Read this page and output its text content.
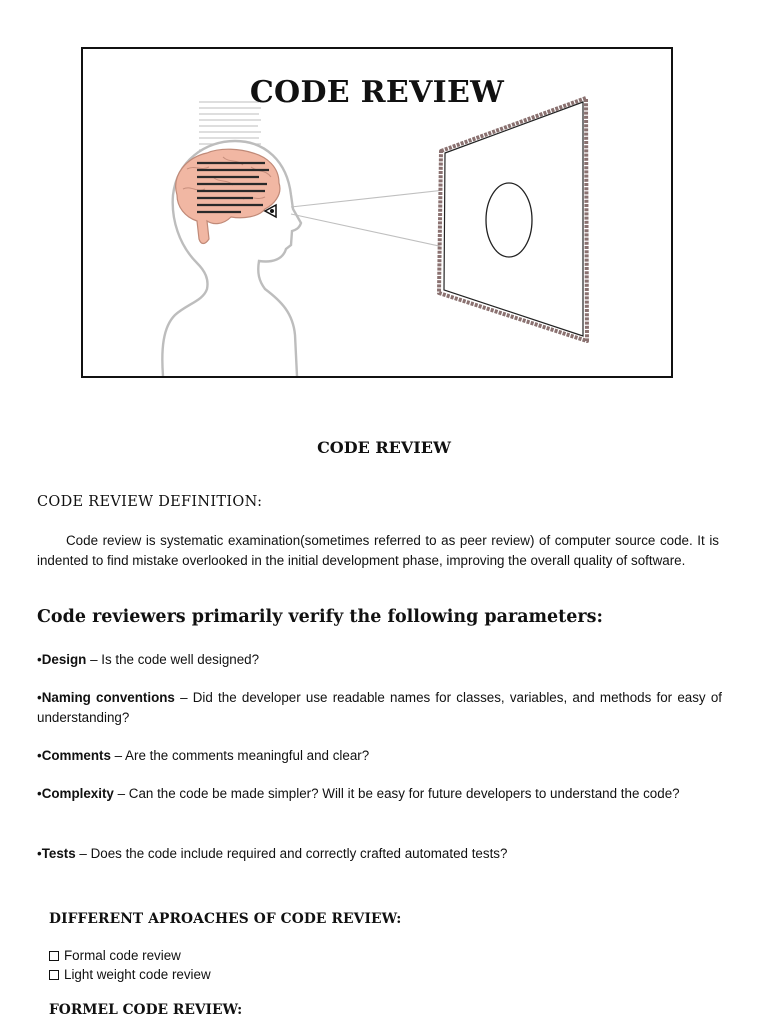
CODE REVIEW
CODE REVIEW
CODE REVIEW DEFINITION:
Code review is systematic examination(sometimes referred to as peer review) of computer source code. It is indented to find mistake overlooked in the initial development phase, improving the overall quality of software.
Code reviewers primarily verify the following parameters:
•Design – Is the code well designed?
•Naming conventions – Did the developer use readable names for classes, variables, and methods for easy of understanding?
•Comments – Are the comments meaningful and clear?
•Complexity – Can the code be made simpler? Will it be easy for future developers to understand the code?
•Tests – Does the code include required and correctly crafted automated tests?
DIFFERENT APROACHES OF CODE REVIEW:
Formal code review
Light weight code review
FORMEL CODE REVIEW:
